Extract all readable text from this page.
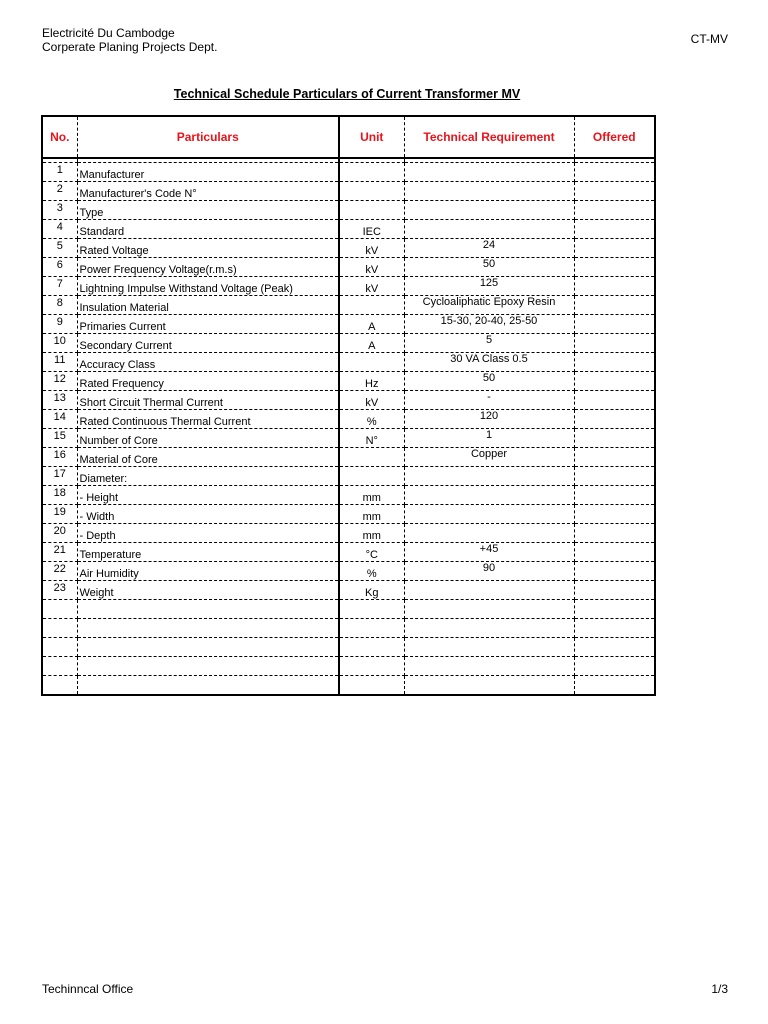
Electricité Du Cambodge
Corperate Planing Projects Dept.
CT-MV
Technical Schedule Particulars of Current Transformer MV
No.	Particulars	Unit	Technical Requirement	Offered

1	Manufacturer			
2	Manufacturer's Code N°			
3	Type			
4	Standard	IEC		
5	Rated Voltage	kV	24	
6	Power Frequency Voltage(r.m.s)	kV	50	
7	Lightning Impulse Withstand Voltage (Peak)	kV	125	
8	Insulation Material		Cycloaliphatic Epoxy Resin	
9	Primaries Current	A	15-30, 20-40, 25-50	
10	Secondary Current	A	5	
11	Accuracy Class		30 VA Class 0.5	
12	Rated Frequency	Hz	50	
13	Short Circuit Thermal Current	kV	-	
14	Rated Continuous Thermal Current	%	120	
15	Number of Core	N°	1	
16	Material of Core		Copper	
17	Diameter:			
18	- Height	mm		
19	- Width	mm		
20	- Depth	mm		
21	Temperature	°C	+45	
22	Air Humidity	%	90	
23	Weight	Kg		

Techinncal Office	1/3
